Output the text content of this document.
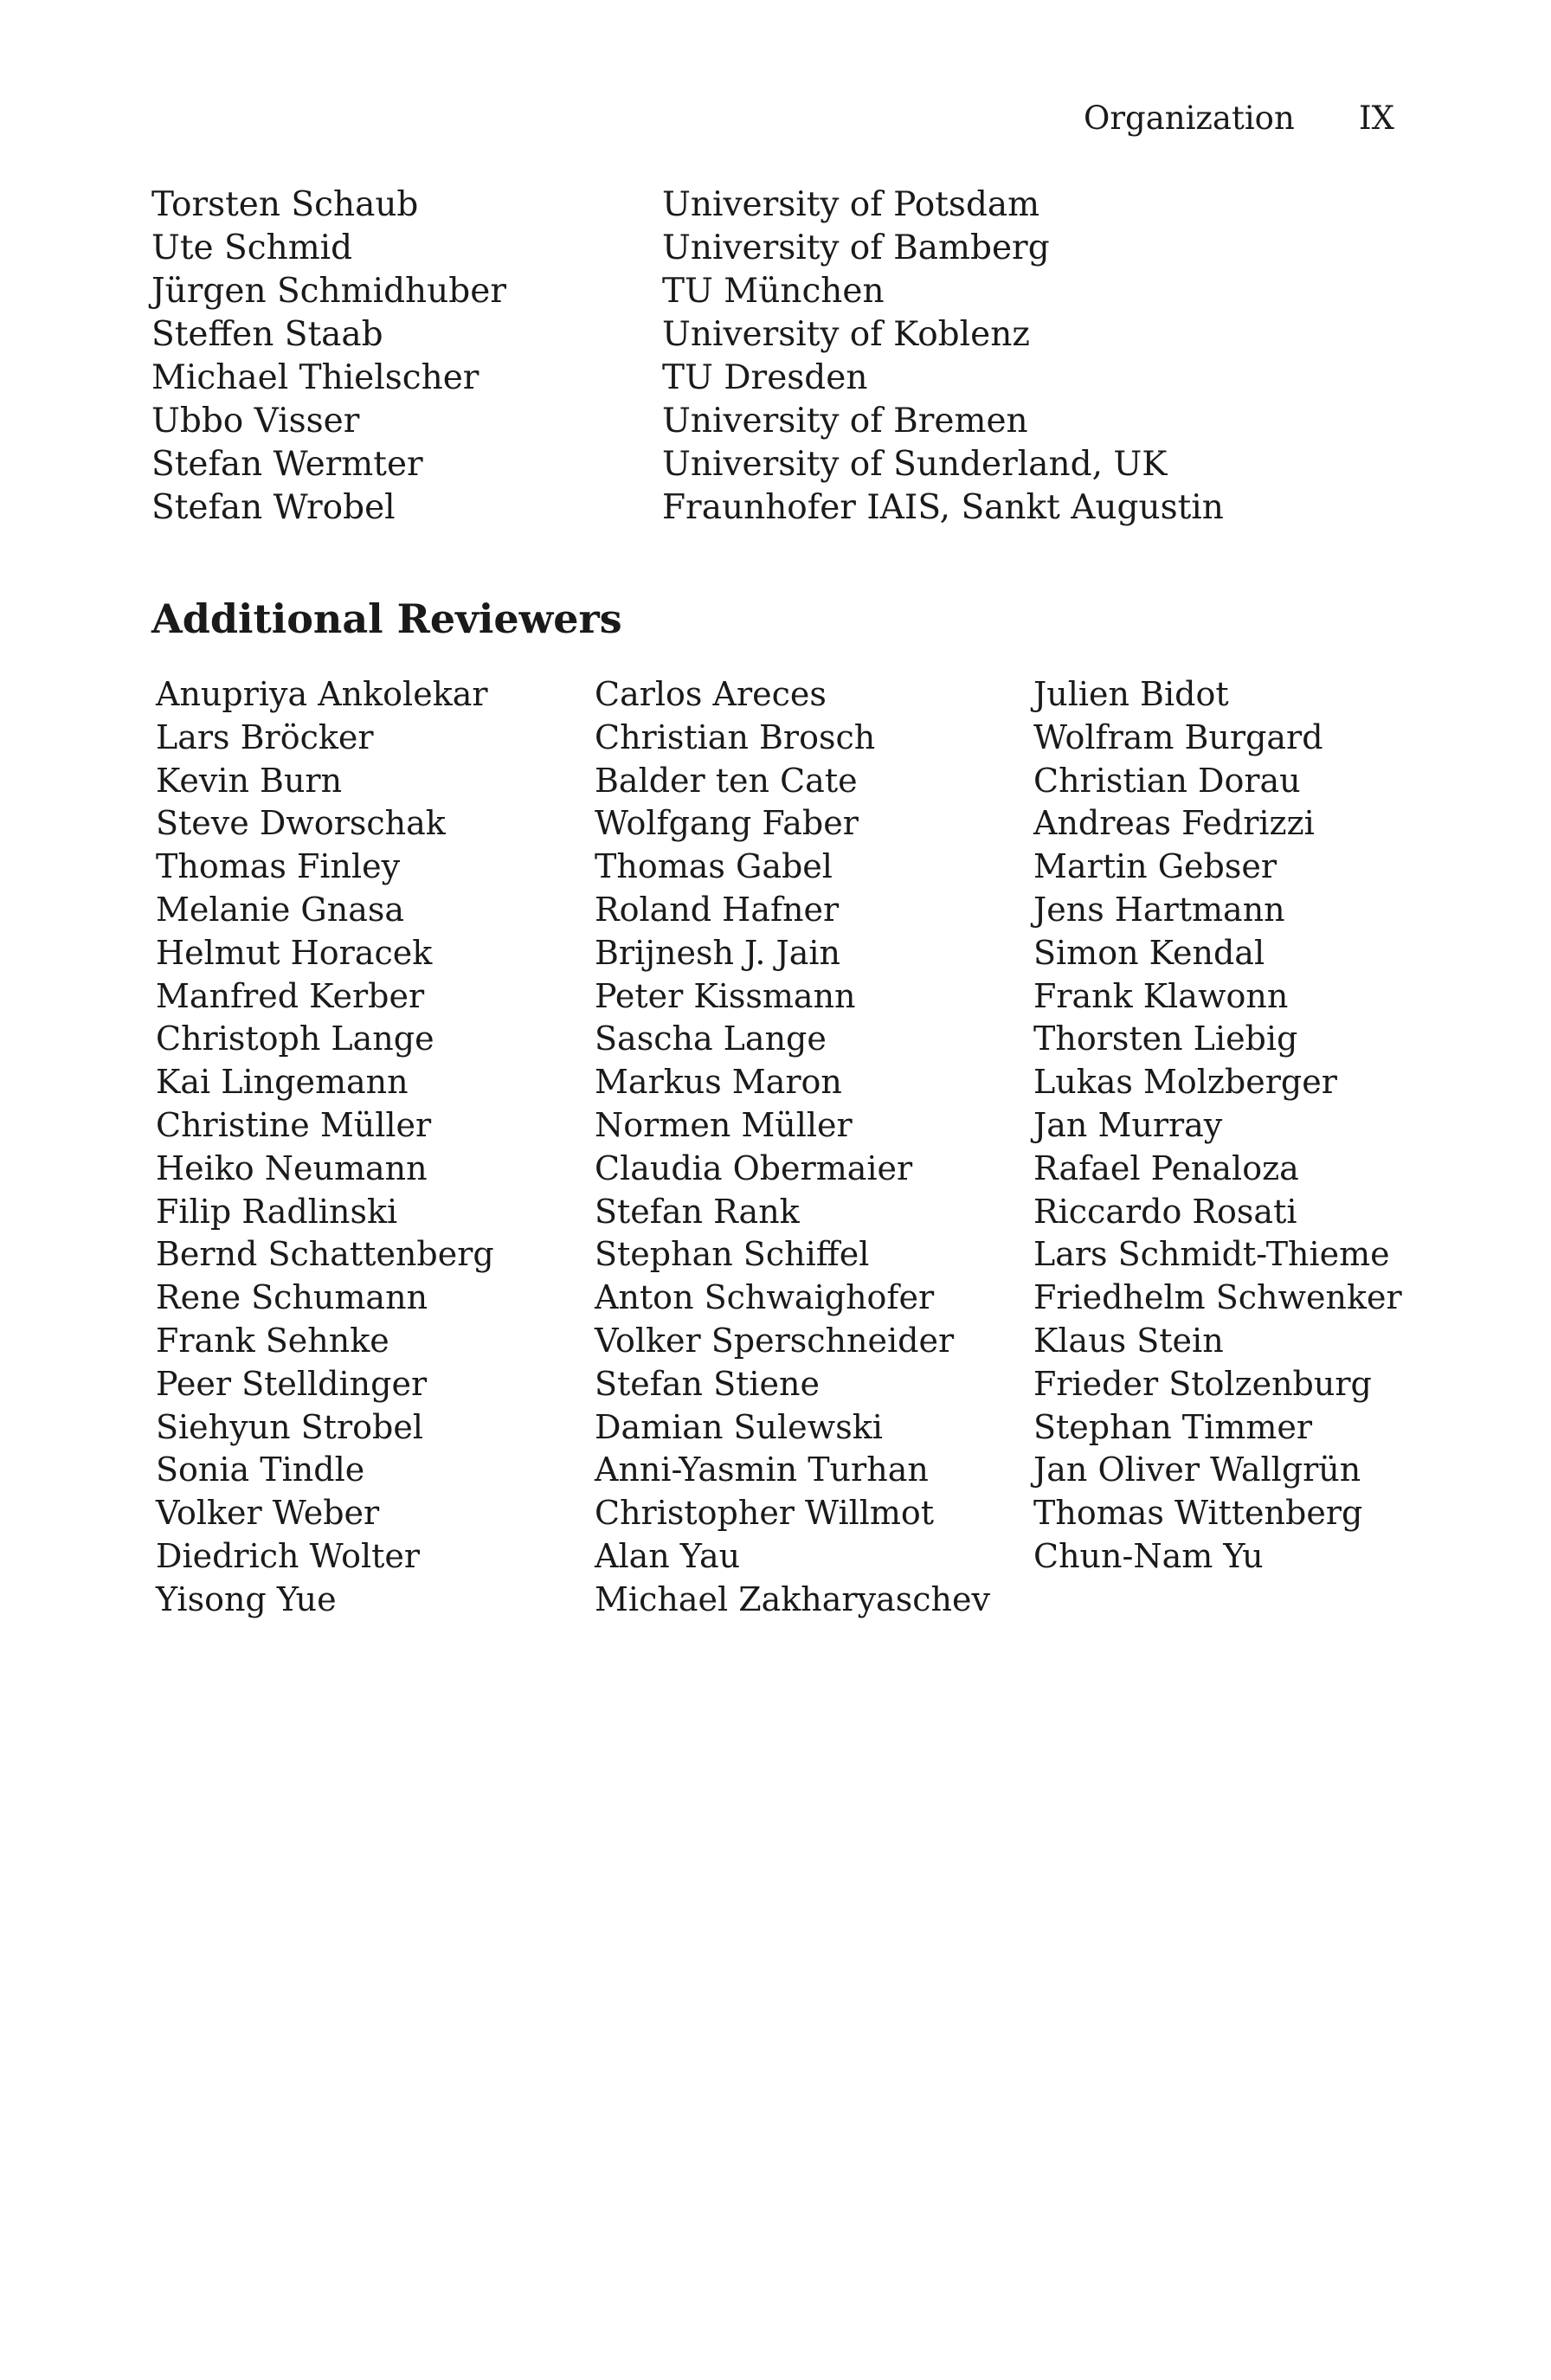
Organization IX
Torsten Schaub	University of Potsdam
Ute Schmid	University of Bamberg
Jürgen Schmidhuber	TU München
Steffen Staab	University of Koblenz
Michael Thielscher	TU Dresden
Ubbo Visser	University of Bremen
Stefan Wermter	University of Sunderland, UK
Stefan Wrobel	Fraunhofer IAIS, Sankt Augustin
Additional Reviewers
Anupriya Ankolekar
Lars Bröcker
Kevin Burn
Steve Dworschak
Thomas Finley
Melanie Gnasa
Helmut Horacek
Manfred Kerber
Christoph Lange
Kai Lingemann
Christine Müller
Heiko Neumann
Filip Radlinski
Bernd Schattenberg
Rene Schumann
Frank Sehnke
Peer Stelldinger
Siehyun Strobel
Sonia Tindle
Volker Weber
Diedrich Wolter
Yisong Yue
Carlos Areces
Christian Brosch
Balder ten Cate
Wolfgang Faber
Thomas Gabel
Roland Hafner
Brijnesh J. Jain
Peter Kissmann
Sascha Lange
Markus Maron
Normen Müller
Claudia Obermaier
Stefan Rank
Stephan Schiffel
Anton Schwaighofer
Volker Sperschneider
Stefan Stiene
Damian Sulewski
Anni-Yasmin Turhan
Christopher Willmot
Alan Yau
Michael Zakharyaschev
Julien Bidot
Wolfram Burgard
Christian Dorau
Andreas Fedrizzi
Martin Gebser
Jens Hartmann
Simon Kendal
Frank Klawonn
Thorsten Liebig
Lukas Molzberger
Jan Murray
Rafael Penaloza
Riccardo Rosati
Lars Schmidt-Thieme
Friedhelm Schwenker
Klaus Stein
Frieder Stolzenburg
Stephan Timmer
Jan Oliver Wallgrün
Thomas Wittenberg
Chun-Nam Yu
